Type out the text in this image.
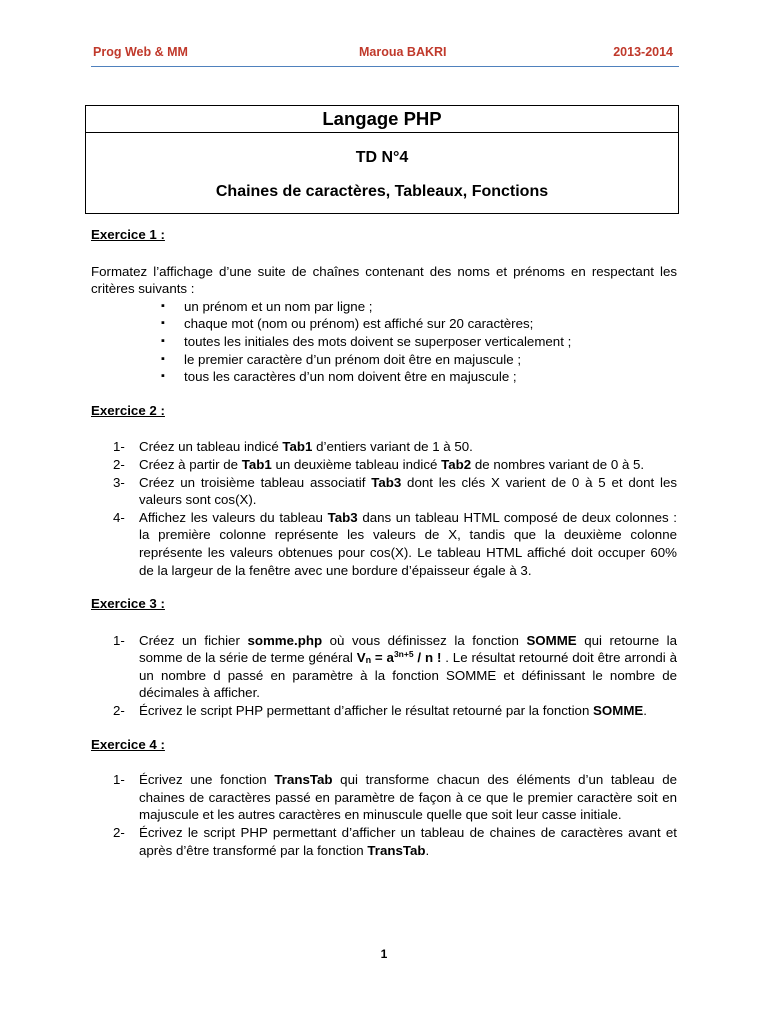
Prog Web & MM	Maroua BAKRI	2013-2014
Langage PHP
TD N°4
Chaines de caractères, Tableaux, Fonctions

Exercice 1 :

Formatez l’affichage d’une suite de chaînes contenant des noms et prénoms en respectant les critères suivants :

▪ un prénom et un nom par ligne ;
▪ chaque mot (nom ou prénom) est affiché sur 20 caractères;
▪ toutes les initiales des mots doivent se superposer verticalement ;
▪ le premier caractère d’un prénom doit être en majuscule ;
▪ tous les caractères d’un nom doivent être en majuscule ;

Exercice 2 :

1- Créez un tableau indicé Tab1 d’entiers variant de 1 à 50.
2- Créez à partir de Tab1 un deuxième tableau indicé Tab2 de nombres variant de 0 à 5.
3- Créez un troisième tableau associatif Tab3 dont les clés X varient de 0 à 5 et dont les valeurs sont cos(X).
4- Affichez les valeurs du tableau Tab3 dans un tableau HTML composé de deux colonnes : la première colonne représente les valeurs de X, tandis que la deuxième colonne représente les valeurs obtenues pour cos(X). Le tableau HTML affiché doit occuper 60% de la largeur de la fenêtre avec une bordure d’épaisseur égale à 3.

Exercice 3 :

1- Créez un fichier somme.php où vous définissez la fonction SOMME qui retourne la somme de la série de terme général $V_n = a^{3n+5} / n$ ! . Le résultat retourné doit être arrondi à un nombre d passé en paramètre à la fonction SOMME et définissant le nombre de décimales à afficher.
2- Écrivez le script PHP permettant d’afficher le résultat retourné par la fonction SOMME.

Exercice 4 :

1- Écrivez une fonction TransTab qui transforme chacun des éléments d’un tableau de chaines de caractères passé en paramètre de façon à ce que le premier caractère soit en majuscule et les autres caractères en minuscule quelle que soit leur casse initiale.
2- Écrivez le script PHP permettant d’afficher un tableau de chaines de caractères avant et après d’être transformé par la fonction TransTab.
1
